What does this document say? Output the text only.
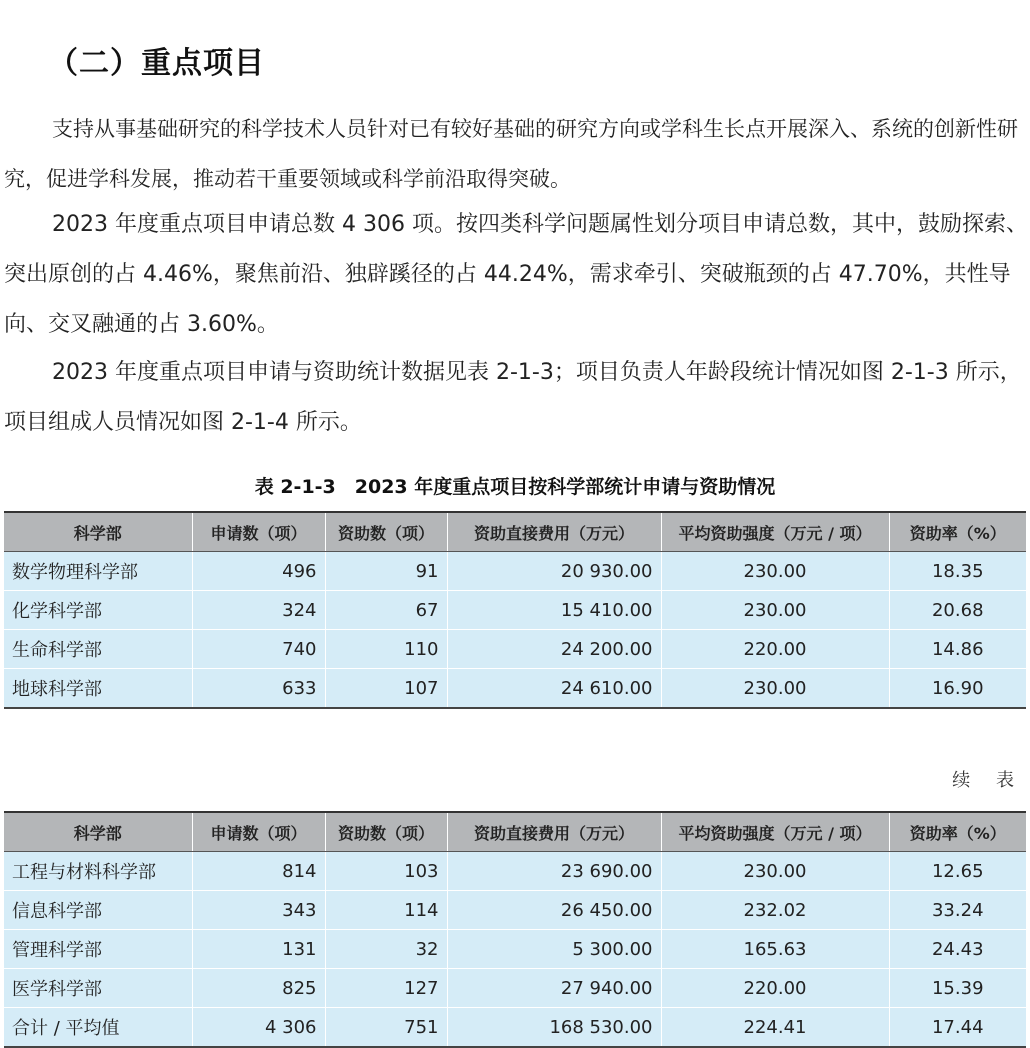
（二）重点项目
支持从事基础研究的科学技术人员针对已有较好基础的研究方向或学科生长点开展深入、系统的创新性研究，促进学科发展，推动若干重要领域或科学前沿取得突破。
2023 年度重点项目申请总数 4 306 项。按四类科学问题属性划分项目申请总数，其中，鼓励探索、突出原创的占 4.46%，聚焦前沿、独辟蹊径的占 44.24%，需求牵引、突破瓶颈的占 47.70%，共性导向、交叉融通的占 3.60%。
2023 年度重点项目申请与资助统计数据见表 2-1-3；项目负责人年龄段统计情况如图 2-1-3 所示，项目组成人员情况如图 2-1-4 所示。
表 2-1-3　2023 年度重点项目按科学部统计申请与资助情况
科学部	申请数（项）	资助数（项）	资助直接费用（万元）	平均资助强度（万元 / 项）	资助率（%）
数学物理科学部	496	91	20 930.00	230.00	18.35
化学科学部	324	67	15 410.00	230.00	20.68
生命科学部	740	110	24 200.00	220.00	14.86
地球科学部	633	107	24 610.00	230.00	16.90
续 表
科学部	申请数（项）	资助数（项）	资助直接费用（万元）	平均资助强度（万元 / 项）	资助率（%）
工程与材料科学部	814	103	23 690.00	230.00	12.65
信息科学部	343	114	26 450.00	232.02	33.24
管理科学部	131	32	5 300.00	165.63	24.43
医学科学部	825	127	27 940.00	220.00	15.39
合计 / 平均值	4 306	751	168 530.00	224.41	17.44
